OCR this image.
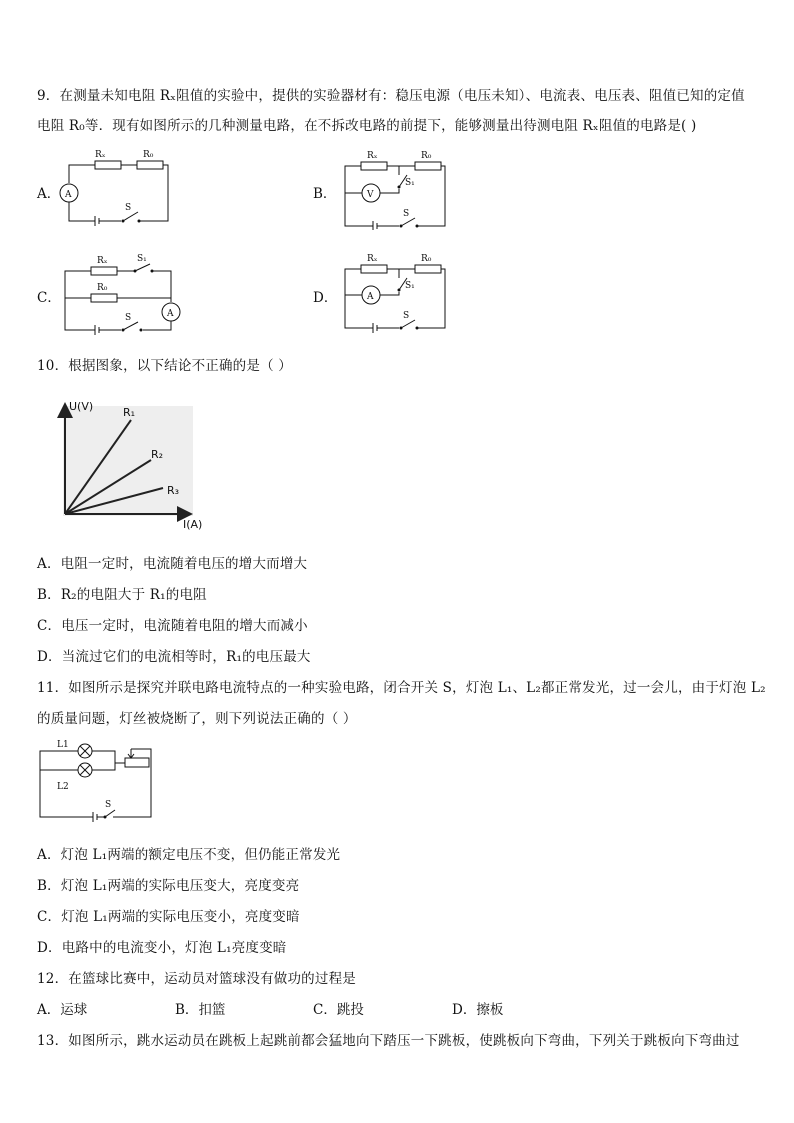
9．在测量未知电阻 Rₓ阻值的实验中，提供的实验器材有：稳压电源（电压未知）、电流表、电压表、阻值已知的定值
电阻 R₀等．现有如图所示的几种测量电路，在不拆改电路的前提下，能够测量出待测电阻 Rₓ阻值的电路是( )
A． A
Rₓ	R₀
S
B．	V
Rₓ	R₀
S₁
S
C．
A
Rₓ
R₀
S₁
S
D．	A
Rₓ	R₀
S₁
S
10．根据图象，以下结论不正确的是（ ）
U(V)
I(A)
R₁
R₂
R₃
A．电阻一定时，电流随着电压的增大而增大
B．R₂的电阻大于 R₁的电阻
C．电压一定时，电流随着电阻的增大而减小
D．当流过它们的电流相等时，R₁的电压最大
11．如图所示是探究并联电路电流特点的一种实验电路，闭合开关 S，灯泡 L₁、L₂都正常发光，过一会儿，由于灯泡 L₂
的质量问题，灯丝被烧断了，则下列说法正确的（ ）
L1
L2
S
A．灯泡 L₁两端的额定电压不变，但仍能正常发光
B．灯泡 L₁两端的实际电压变大，亮度变亮
C．灯泡 L₁两端的实际电压变小，亮度变暗
D．电路中的电流变小，灯泡 L₁亮度变暗
12．在篮球比赛中，运动员对篮球没有做功的过程是
A．运球	B．扣篮	C．跳投	D．擦板
13．如图所示，跳水运动员在跳板上起跳前都会猛地向下踏压一下跳板，使跳板向下弯曲，下列关于跳板向下弯曲过
